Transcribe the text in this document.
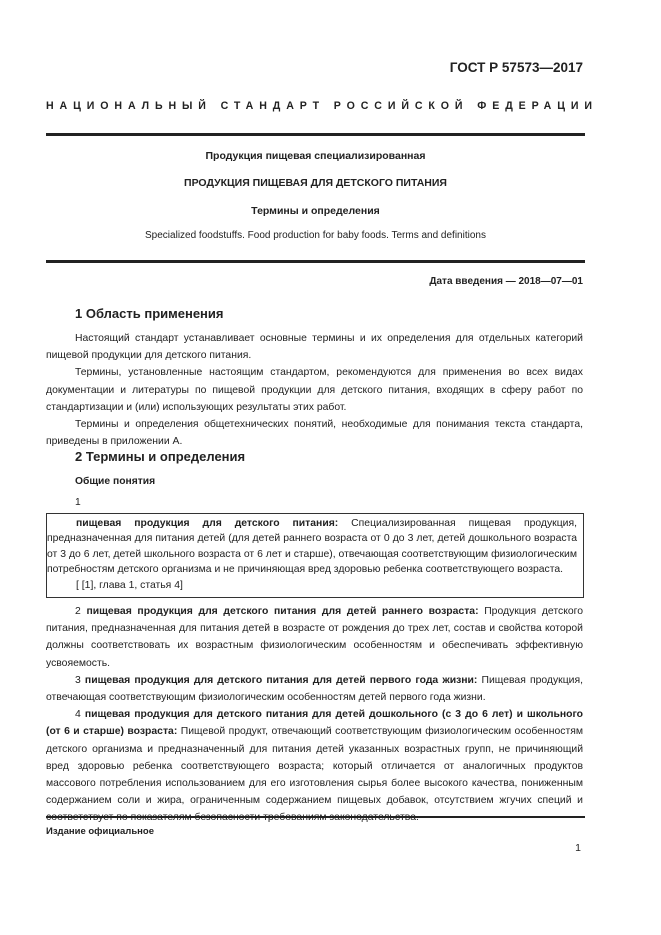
ГОСТ Р 57573—2017
НАЦИОНАЛЬНЫЙ СТАНДАРТ РОССИЙСКОЙ ФЕДЕРАЦИИ
Продукция пищевая специализированная
ПРОДУКЦИЯ ПИЩЕВАЯ ДЛЯ ДЕТСКОГО ПИТАНИЯ
Термины и определения
Specialized foodstuffs. Food production for baby foods. Terms and definitions
Дата введения — 2018—07—01
1 Область применения

Настоящий стандарт устанавливает основные термины и их определения для отдельных категорий пищевой продукции для детского питания.

Термины, установленные настоящим стандартом, рекомендуются для применения во всех видах документации и литературы по пищевой продукции для детского питания, входящих в сферу работ по стандартизации и (или) использующих результаты этих работ.

Термины и определения общетехнических понятий, необходимые для понимания текста стандарта, приведены в приложении А.

2 Термины и определения
Общие понятия
1

пищевая продукция для детского питания: Специализированная пищевая продукция, предназначенная для питания детей (для детей раннего возраста от 0 до 3 лет, детей дошкольного возраста от 3 до 6 лет, детей школьного возраста от 6 лет и старше), отвечающая соответствующим физиологическим потребностям детского организма и не причиняющая вред здоровью ребенка соответствующего возраста.

[ [1], глава 1, статья 4]

2 пищевая продукция для детского питания для детей раннего возраста: Продукция детского питания, предназначенная для питания детей в возрасте от рождения до трех лет, состав и свойства которой должны соответствовать их возрастным физиологическим особенностям и обеспечивать эффективную усвояемость.

3 пищевая продукция для детского питания для детей первого года жизни: Пищевая продукция, отвечающая соответствующим физиологическим особенностям детей первого года жизни.

4 пищевая продукция для детского питания для детей дошкольного (с 3 до 6 лет) и школьного (от 6 и старше) возраста: Пищевой продукт, отвечающий соответствующим физиологическим особенностям детского организма и предназначенный для питания детей указанных возрастных групп, не причиняющий вред здоровью ребенка соответствующего возраста; который отличается от аналогичных продуктов массового потребления использованием для его изготовления сырья более высокого качества, пониженным содержанием соли и жира, ограниченным содержанием пищевых добавок, отсутствием жгучих специй и

Издание официальное
1
